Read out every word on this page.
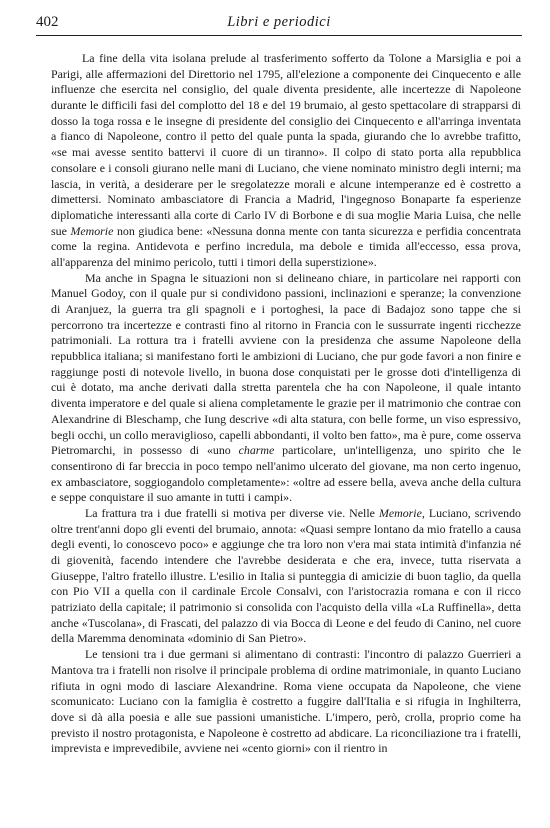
402	Libri e periodici

La fine della vita isolana prelude al trasferimento sofferto da Tolone a Marsiglia e poi a Parigi, alle affermazioni del Direttorio nel 1795, all'elezione a componente dei Cinquecento e alle influenze che esercita nel consiglio, del quale diventa presidente, alle incertezze di Napoleone durante le difficili fasi del complotto del 18 e del 19 brumaio, al gesto spettacolare di strapparsi di dosso la toga rossa e le insegne di presidente del consiglio dei Cinquecento e all'arringa inventata a fianco di Napoleone, contro il petto del quale punta la spada, giurando che lo avrebbe trafitto, «se mai avesse sentito battervi il cuore di un tiranno». Il colpo di stato porta alla repubblica consolare e i consoli giurano nelle mani di Luciano, che viene nominato ministro degli interni; ma lascia, in verità, a desiderare per le sregolatezze morali e alcune intemperanze ed è costretto a dimettersi. Nominato ambasciatore di Francia a Madrid, l'ingegnoso Bonaparte fa esperienze diplomatiche interessanti alla corte di Carlo IV di Borbone e di sua moglie Maria Luisa, che nelle sue Memorie non giudica bene: «Nessuna donna mente con tanta sicurezza e perfidia concentrata come la regina. Antidevota e perfino incredula, ma debole e timida all'eccesso, essa prova, all'apparenza del minimo pericolo, tutti i timori della superstizione».

Ma anche in Spagna le situazioni non si delineano chiare, in particolare nei rapporti con Manuel Godoy, con il quale pur si condividono passioni, inclinazioni e speranze; la convenzione di Aranjuez, la guerra tra gli spagnoli e i portoghesi, la pace di Badajoz sono tappe che si percorrono tra incertezze e contrasti fino al ritorno in Francia con le sussurrate ingenti ricchezze patrimoniali. La rottura tra i fratelli avviene con la presidenza che assume Napoleone della repubblica italiana; si manifestano forti le ambizioni di Luciano, che pur gode favori a non finire e raggiunge posti di notevole livello, in buona dose conquistati per le grosse doti d'intelligenza di cui è dotato, ma anche derivati dalla stretta parentela che ha con Napoleone, il quale intanto diventa imperatore e del quale si aliena completamente le grazie per il matrimonio che contrae con Alexandrine di Bleschamp, che Iung descrive «di alta statura, con belle forme, un viso espressivo, begli occhi, un collo meraviglioso, capelli abbondanti, il volto ben fatto», ma è pure, come osserva Pietromarchi, in possesso di «uno charme particolare, un'intelligenza, uno spirito che le consentirono di far breccia in poco tempo nell'animo ulcerato del giovane, ma non certo ingenuo, ex ambasciatore, soggiogandolo completamente»: «oltre ad essere bella, aveva anche della cultura e seppe conquistare il suo amante in tutti i campi».

La frattura tra i due fratelli si motiva per diverse vie. Nelle Memorie, Luciano, scrivendo oltre trent'anni dopo gli eventi del brumaio, annota: «Quasi sempre lontano da mio fratello a causa degli eventi, lo conoscevo poco» e aggiunge che tra loro non v'era mai stata intimità d'infanzia né di giovenità, facendo intendere che l'avrebbe desiderata e che era, invece, tutta riservata a Giuseppe, l'altro fratello illustre. L'esilio in Italia si punteggia di amicizie di buon taglio, da quella con Pio VII a quella con il cardinale Ercole Consalvi, con l'aristocrazia romana e con il ricco patriziato della capitale; il patrimonio si consolida con l'acquisto della villa «La Ruffinella», detta anche «Tuscolana», di Frascati, del palazzo di via Bocca di Leone e del feudo di Canino, nel cuore della Maremma denominata «dominio di San Pietro».

Le tensioni tra i due germani si alimentano di contrasti: l'incontro di palazzo Guerrieri a Mantova tra i fratelli non risolve il principale problema di ordine matrimoniale, in quanto Luciano rifiuta in ogni modo di lasciare Alexandrine. Roma viene occupata da Napoleone, che viene scomunicato: Luciano con la famiglia è costretto a fuggire dall'Italia e si rifugia in Inghilterra, dove si dà alla poesia e alle sue passioni umanistiche. L'impero, però, crolla, proprio come ha previsto il nostro protagonista, e Napoleone è costretto ad abdicare. La riconciliazione tra i fratelli, imprevista e imprevedibile, avviene nei «cento giorni» con il rientro in
